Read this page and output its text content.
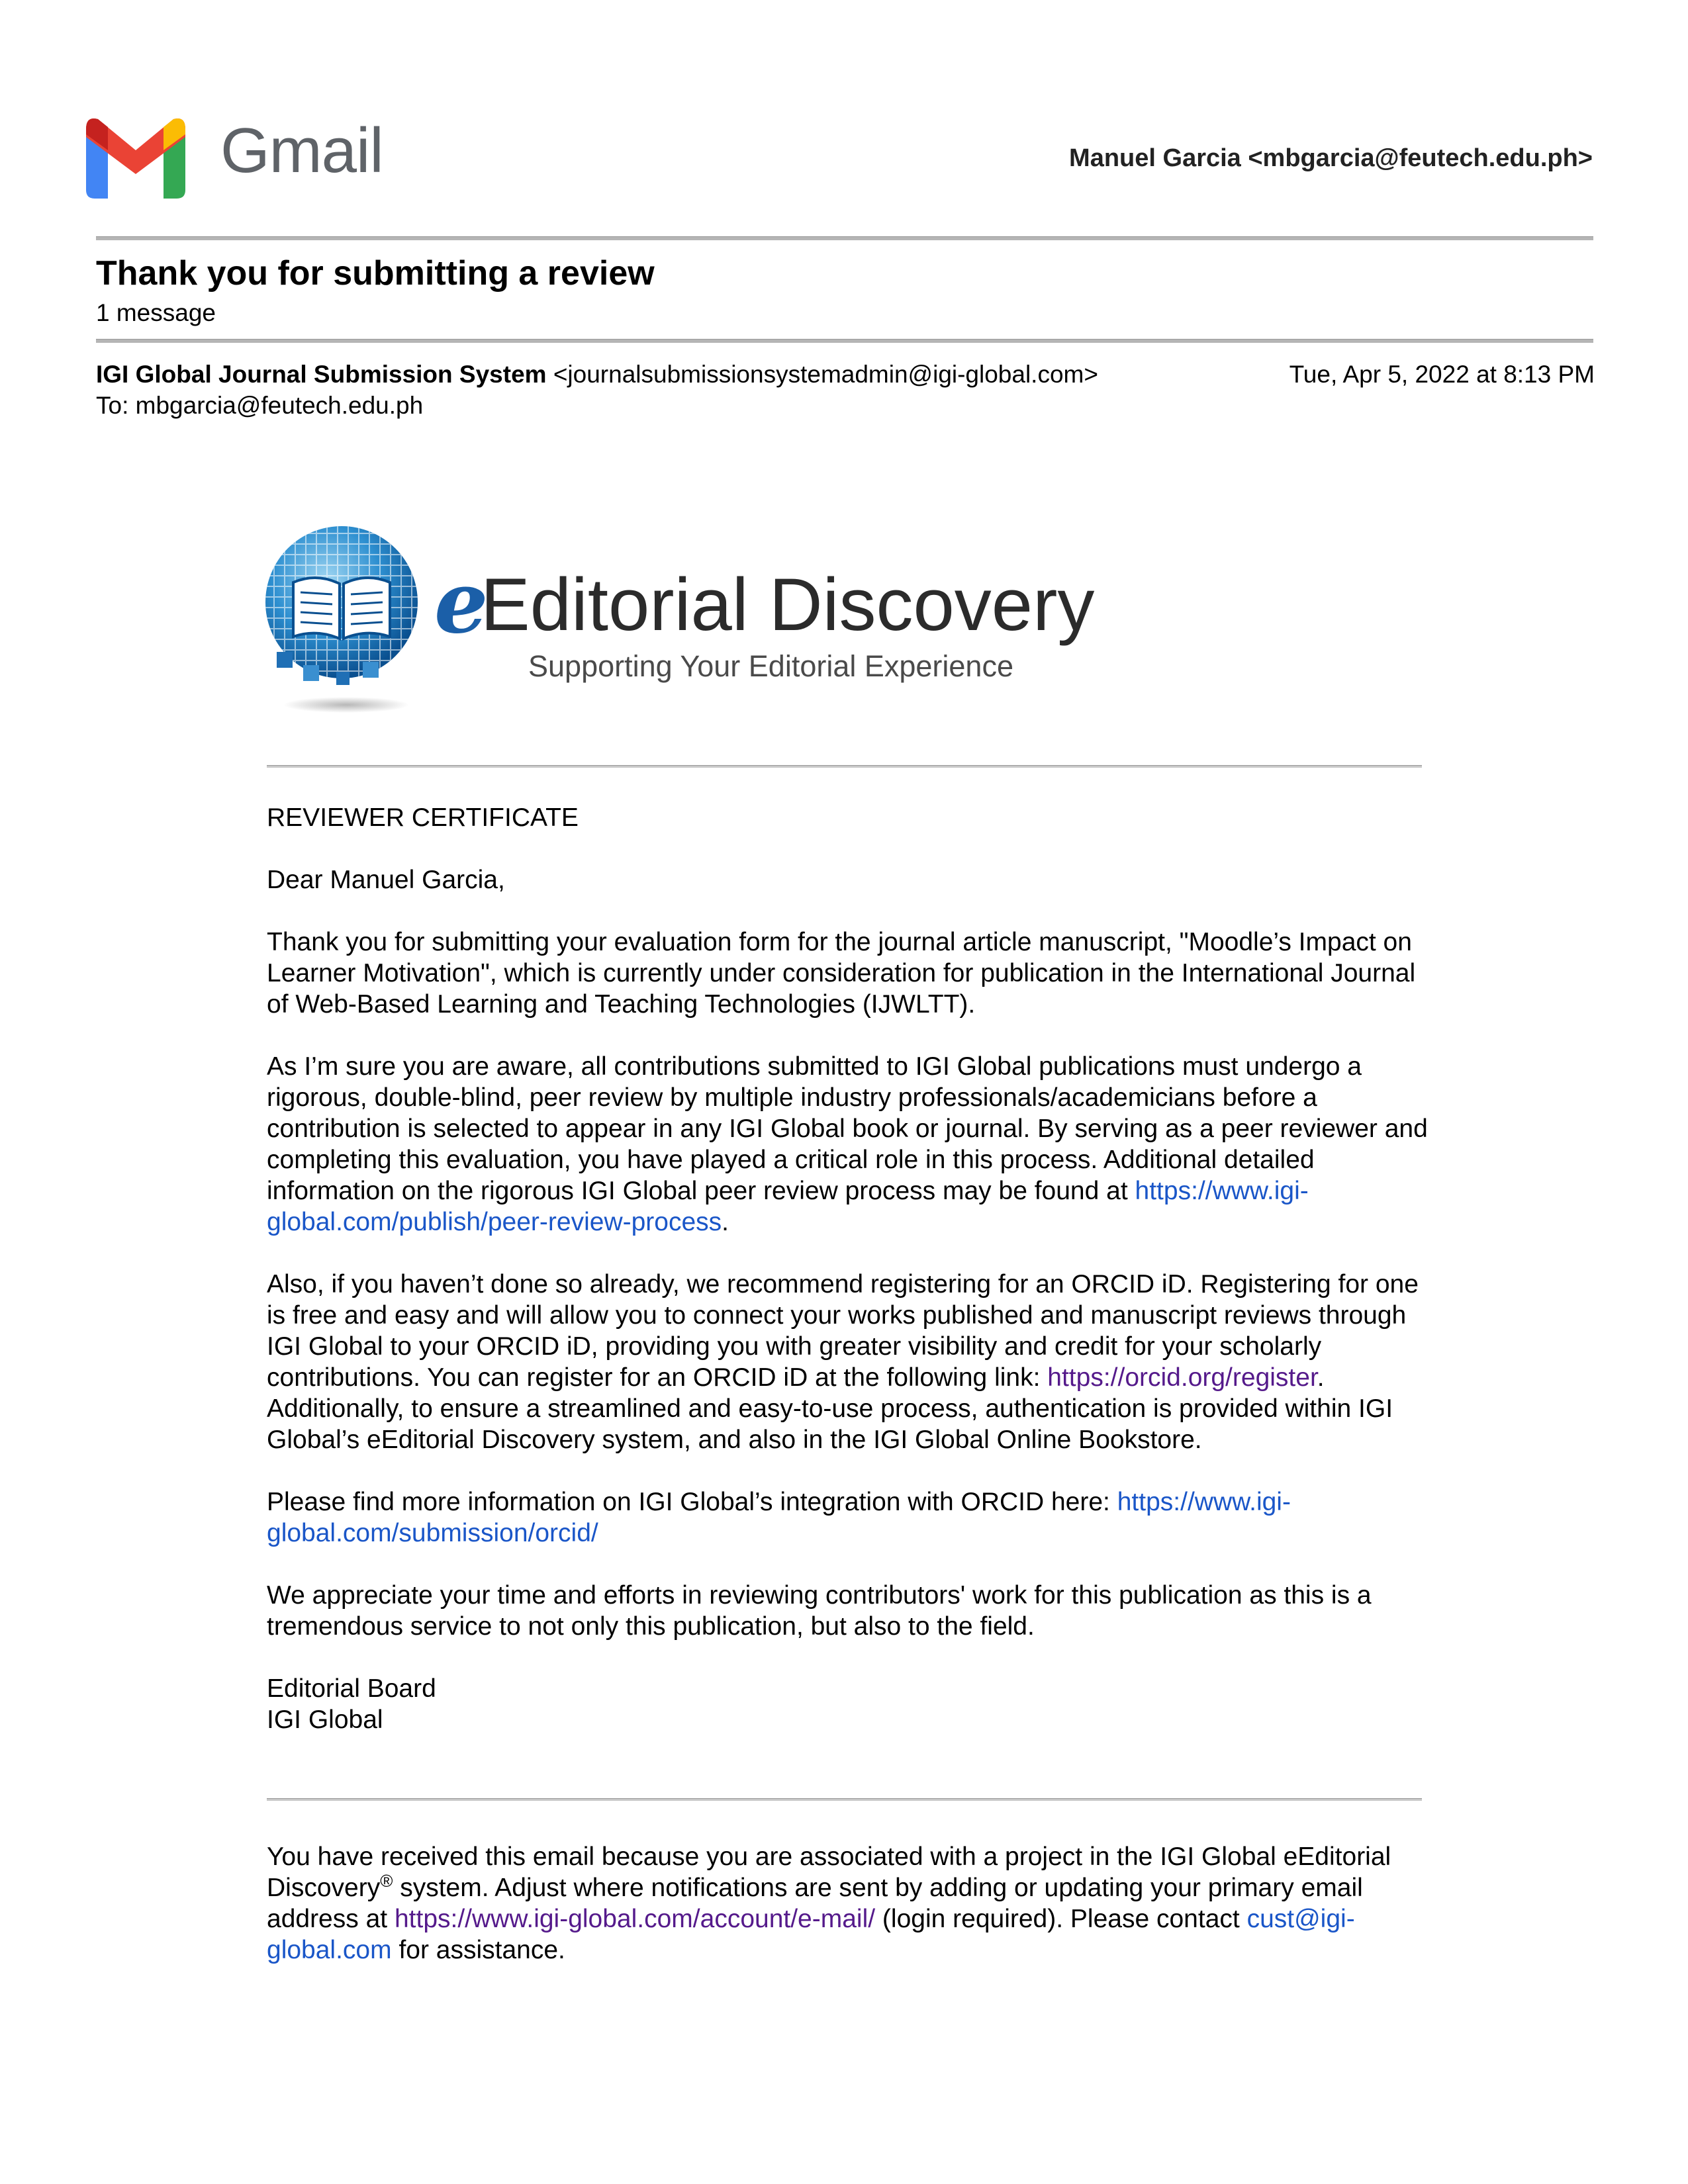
Gmail	Manuel Garcia <mbgarcia@feutech.edu.ph>
Thank you for submitting a review
1 message
IGI Global Journal Submission System <journalsubmissionsystemadmin@igi-global.com>	Tue, Apr 5, 2022 at 8:13 PM
To: mbgarcia@feutech.edu.ph
e
Editorial Discovery
Supporting Your Editorial Experience

REVIEWER CERTIFICATE

Dear Manuel Garcia,

Thank you for submitting your evaluation form for the journal article manuscript, "Moodle’s Impact on Learner Motivation", which is currently under consideration for publication in the International Journal of Web-Based Learning and Teaching Technologies (IJWLTT).

As I’m sure you are aware, all contributions submitted to IGI Global publications must undergo a rigorous, double-blind, peer review by multiple industry professionals/academicians before a contribution is selected to appear in any IGI Global book or journal. By serving as a peer reviewer and completing this evaluation, you have played a critical role in this process. Additional detailed information on the rigorous IGI Global peer review process may be found at https://www.igi-global.com/publish/peer-review-process.

Also, if you haven’t done so already, we recommend registering for an ORCID iD. Registering for one is free and easy and will allow you to connect your works published and manuscript reviews through IGI Global to your ORCID iD, providing you with greater visibility and credit for your scholarly contributions. You can register for an ORCID iD at the following link: https://orcid.org/register. Additionally, to ensure a streamlined and easy-to-use process, authentication is provided within IGI Global’s eEditorial Discovery system, and also in the IGI Global Online Bookstore.

Please find more information on IGI Global’s integration with ORCID here: https://www.igi-global.com/submission/orcid/

We appreciate your time and efforts in reviewing contributors' work for this publication as this is a tremendous service to not only this publication, but also to the field.

Editorial Board
IGI Global

You have received this email because you are associated with a project in the IGI Global eEditorial Discovery® system. Adjust where notifications are sent by adding or updating your primary email address at https://www.igi-global.com/account/e-mail/ (login required). Please contact cust@igi-global.com for assistance.
